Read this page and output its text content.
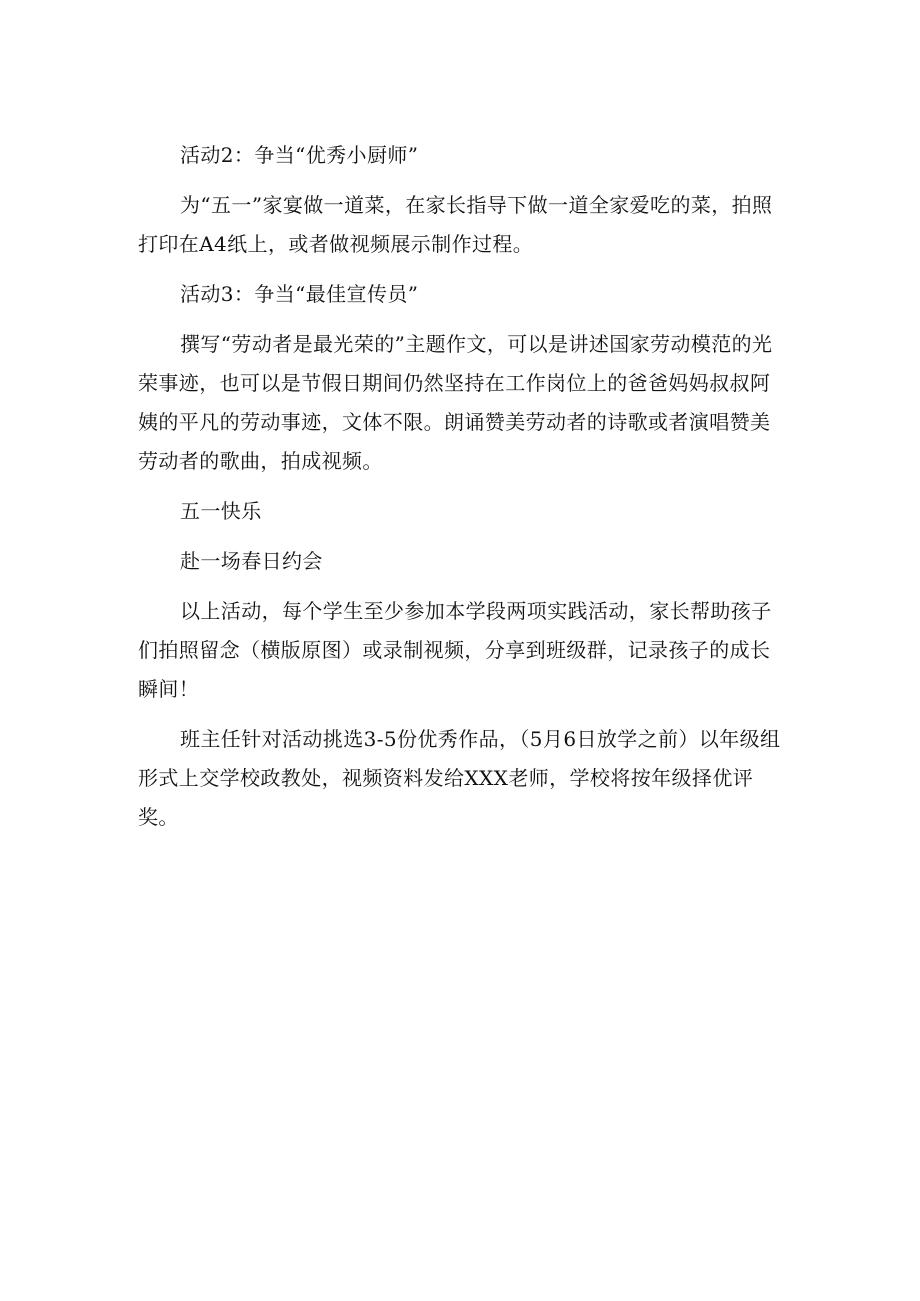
活动2：争当“优秀小厨师”

为“五一”家宴做一道菜，在家长指导下做一道全家爱吃的菜，拍照打印在A4纸上，或者做视频展示制作过程。

活动3：争当“最佳宣传员”

撰写“劳动者是最光荣的”主题作文，可以是讲述国家劳动模范的光荣事迹，也可以是节假日期间仍然坚持在工作岗位上的爸爸妈妈叔叔阿姨的平凡的劳动事迹，文体不限。朗诵赞美劳动者的诗歌或者演唱赞美劳动者的歌曲，拍成视频。

五一快乐

赴一场春日约会

以上活动，每个学生至少参加本学段两项实践活动，家长帮助孩子们拍照留念（横版原图）或录制视频，分享到班级群，记录孩子的成长瞬间！

班主任针对活动挑选3-5份优秀作品，（5月6日放学之前）以年级组形式上交学校政教处，视频资料发给XXX老师，学校将按年级择优评奖。
